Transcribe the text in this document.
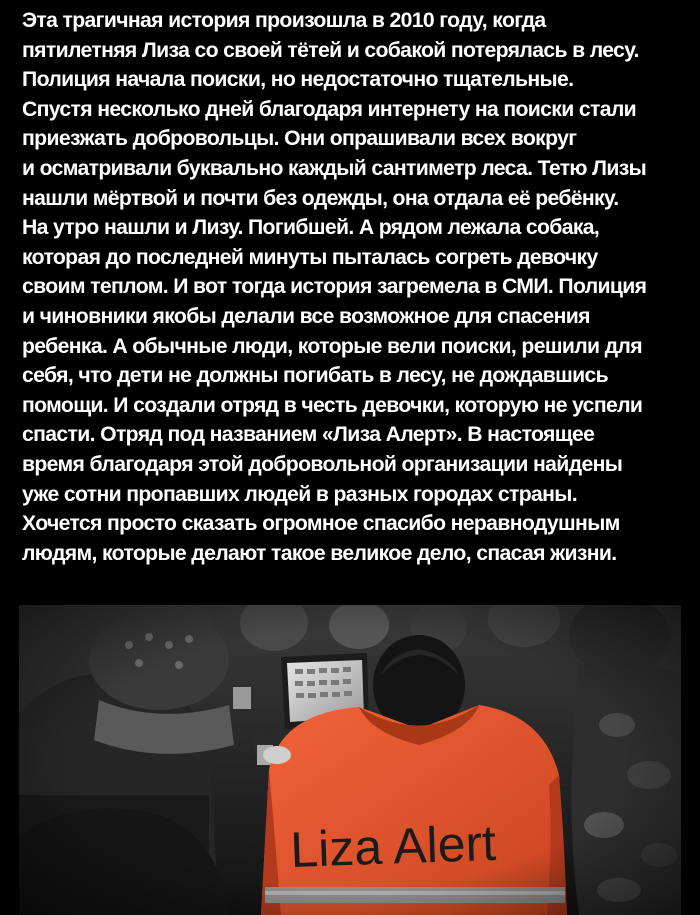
Эта трагичная история произошла в 2010 году, когда
пятилетняя Лиза со своей тётей и собакой потерялась в лесу.
Полиция начала поиски, но недостаточно тщательные.
Спустя несколько дней благодаря интернету на поиски стали
приезжать добровольцы. Они опрашивали всех вокруг
и осматривали буквально каждый сантиметр леса. Тетю Лизы
нашли мёртвой и почти без одежды, она отдала её ребёнку.
На утро нашли и Лизу. Погибшей. А рядом лежала собака,
которая до последней минуты пыталась согреть девочку
своим теплом. И вот тогда история загремела в СМИ. Полиция
и чиновники якобы делали все возможное для спасения
ребенка. А обычные люди, которые вели поиски, решили для
себя, что дети не должны погибать в лесу, не дождавшись
помощи. И создали отряд в честь девочки, которую не успели
спасти. Отряд под названием «Лиза Алерт». В настоящее
время благодаря этой добровольной организации найдены
уже сотни пропавших людей в разных городах страны.
Хочется просто сказать огромное спасибо неравнодушным
людям, которые делают такое великое дело, спасая жизни.
